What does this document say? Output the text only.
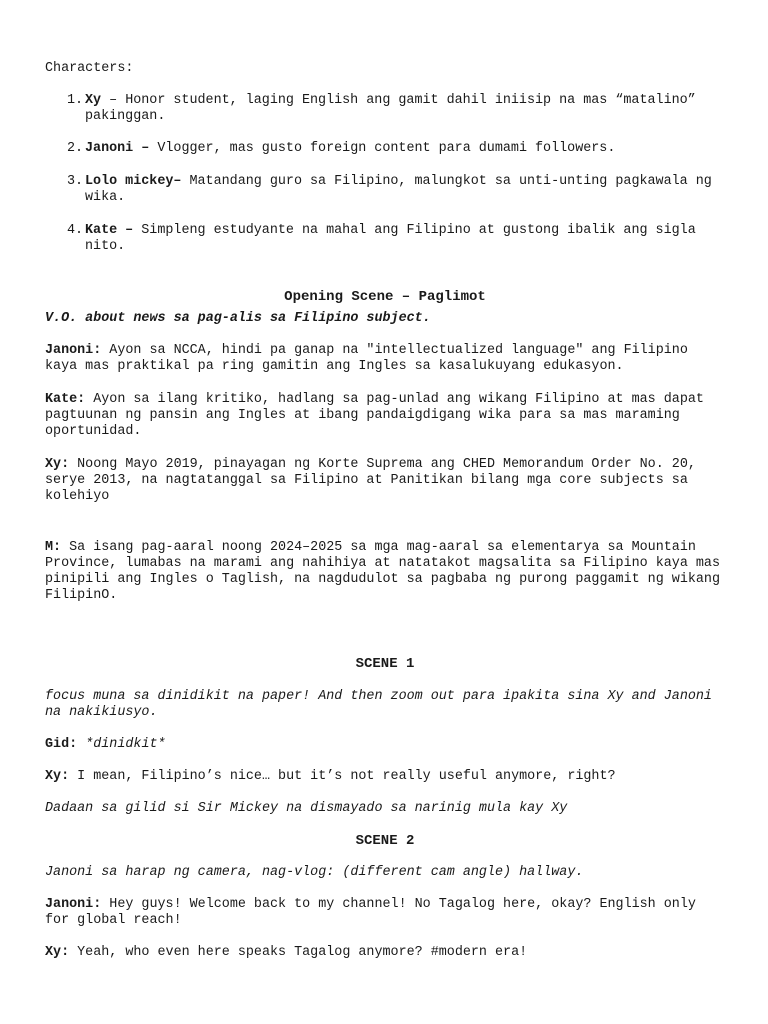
Characters:

1. Xy – Honor student, laging English ang gamit dahil iniisip na mas “matalino” pakinggan.
2. Janoni – Vlogger, mas gusto foreign content para dumami followers.
3. Lolo mickey– Matandang guro sa Filipino, malungkot sa unti-unting pagkawala ng wika.
4. Kate – Simpleng estudyante na mahal ang Filipino at gustong ibalik ang sigla nito.

Opening Scene – Paglimot

V.O. about news sa pag-alis sa Filipino subject.

Janoni: Ayon sa NCCA, hindi pa ganap na "intellectualized language" ang Filipino kaya mas praktikal pa ring gamitin ang Ingles sa kasalukuyang edukasyon.

Kate: Ayon sa ilang kritiko, hadlang sa pag-unlad ang wikang Filipino at mas dapat pagtuunan ng pansin ang Ingles at ibang pandaigdigang wika para sa mas maraming oportunidad.

Xy: Noong Mayo 2019, pinayagan ng Korte Suprema ang CHED Memorandum Order No. 20, serye 2013, na nagtatanggal sa Filipino at Panitikan bilang mga core subjects sa kolehiyo

M: Sa isang pag-aaral noong 2024–2025 sa mga mag-aaral sa elementarya sa Mountain Province, lumabas na marami ang nahihiya at natatakot magsalita sa Filipino kaya mas pinipili ang Ingles o Taglish, na nagdudulot sa pagbaba ng purong paggamit ng wikang FilipinO.

SCENE 1

focus muna sa dinidikit na paper! And then zoom out para ipakita sina Xy and Janoni na nakikiusyo.

Gid: *dinidkit*

Xy: I mean, Filipino’s nice… but it’s not really useful anymore, right?

Dadaan sa gilid si Sir Mickey na dismayado sa narinig mula kay Xy

SCENE 2

Janoni sa harap ng camera, nag-vlog: (different cam angle) hallway.

Janoni: Hey guys! Welcome back to my channel! No Tagalog here, okay? English only for global reach!

Xy: Yeah, who even here speaks Tagalog anymore? #modern era!
